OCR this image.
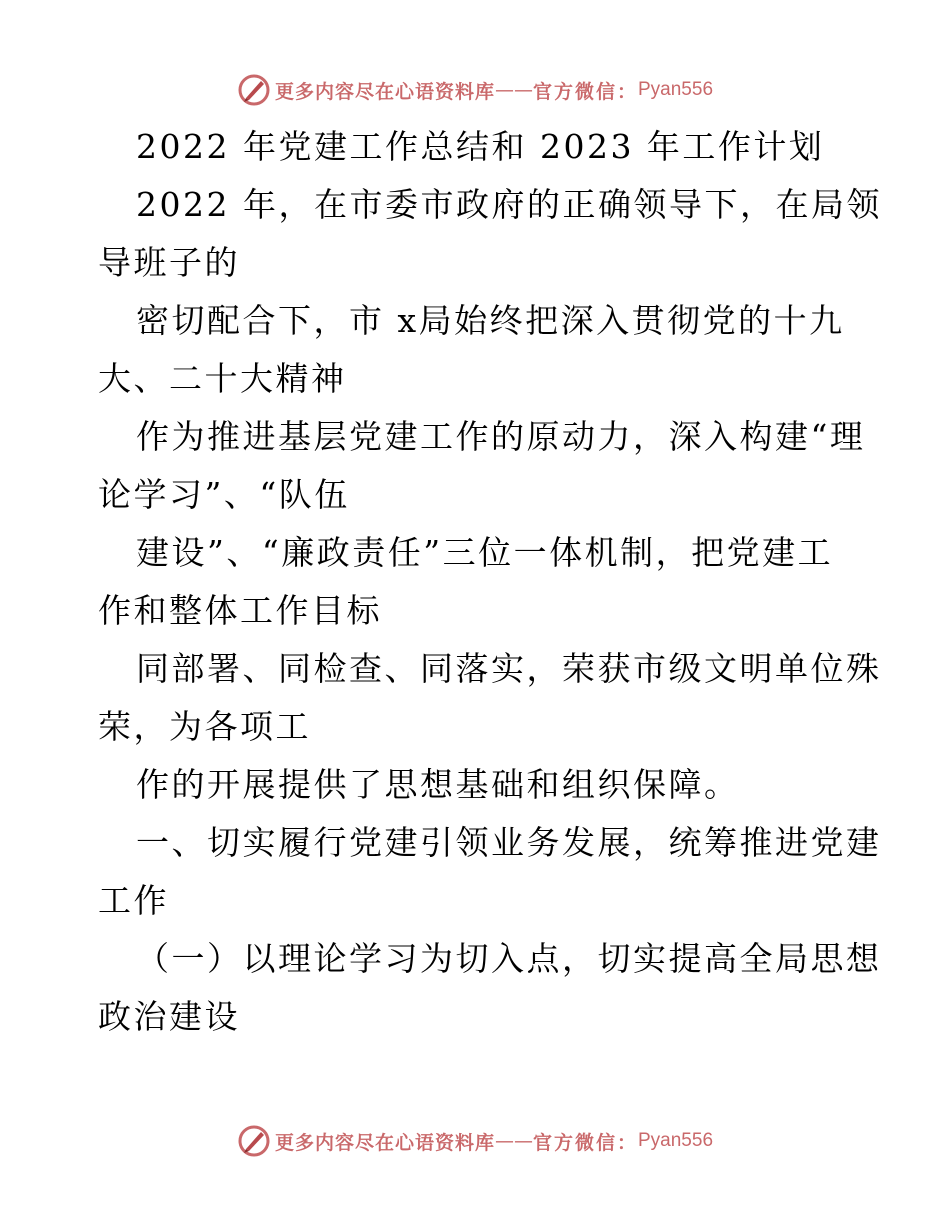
更多内容尽在心语资料库 —— 官方微信： Pyan556
2022 年党建工作总结和 2023 年工作计划
2022 年，在市委市政府的正确领导下，在局领
导班子的
密切配合下，市 x局始终把深入贯彻党的十九
大、二十大精神
作为推进基层党建工作的原动力，深入构建“理
论学习”、“队伍
建设”、“廉政责任”三位一体机制，把党建工
作和整体工作目标
同部署、同检查、同落实，荣获市级文明单位殊
荣，为各项工
作的开展提供了思想基础和组织保障。
一、切实履行党建引领业务发展，统筹推进党建
工作
（一）以理论学习为切入点，切实提高全局思想
政治建设
更多内容尽在心语资料库 —— 官方微信： Pyan556
